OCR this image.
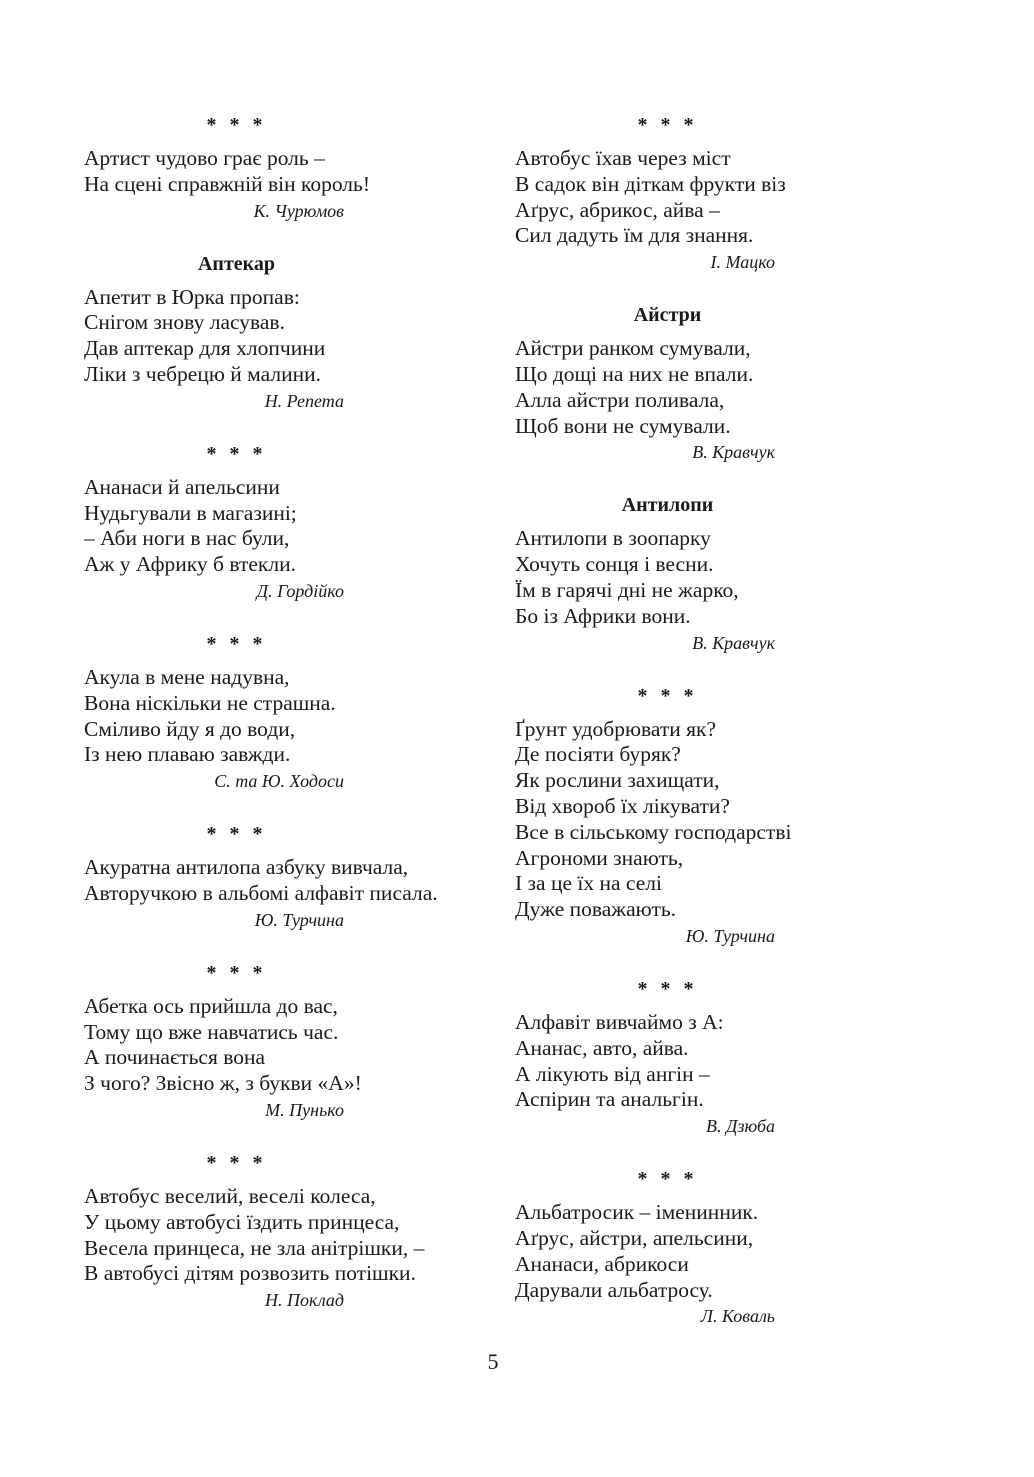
* * *
Артист чудово грає роль –
На сцені справжній він король!
К. Чурюмов
Аптекар
Апетит в Юрка пропав:
Снігом знову ласував.
Дав аптекар для хлопчини
Ліки з чебрецю й малини.
Н. Репета
* * *
Ананаси й апельсини
Нудьгували в магазині;
– Аби ноги в нас були,
Аж у Африку б втекли.
Д. Гордійко
* * *
Акула в мене надувна,
Вона ніскільки не страшна.
Сміливо йду я до води,
Із нею плаваю завжди.
С. та Ю. Ходоси
* * *
Акуратна антилопа азбуку вивчала,
Авторучкою в альбомі алфавіт писала.
Ю. Турчина
* * *
Абетка ось прийшла до вас,
Тому що вже навчатись час.
А починається вона
З чого? Звісно ж, з букви «А»!
М. Пунько
* * *
Автобус веселий, веселі колеса,
У цьому автобусі їздить принцеса,
Весела принцеса, не зла анітрішки, –
В автобусі дітям розвозить потішки.
Н. Поклад
* * *
Автобус їхав через міст
В садок він діткам фрукти віз
Аґрус, абрикос, айва –
Сил дадуть їм для знання.
І. Мацко
Айстри
Айстри ранком сумували,
Що дощі на них не впали.
Алла айстри поливала,
Щоб вони не сумували.
В. Кравчук
Антилопи
Антилопи в зоопарку
Хочуть сонця і весни.
Їм в гарячі дні не жарко,
Бо із Африки вони.
В. Кравчук
* * *
Ґрунт удобрювати як?
Де посіяти буряк?
Як рослини захищати,
Від хвороб їх лікувати?
Все в сільському господарстві
Агрономи знають,
І за це їх на селі
Дуже поважають.
Ю. Турчина
* * *
Алфавіт вивчаймо з А:
Ананас, авто, айва.
А лікують від ангін –
Аспірин та анальгін.
В. Дзюба
* * *
Альбатросик – іменинник.
Аґрус, айстри, апельсини,
Ананаси, абрикоси
Дарували альбатросу.
Л. Коваль
5
